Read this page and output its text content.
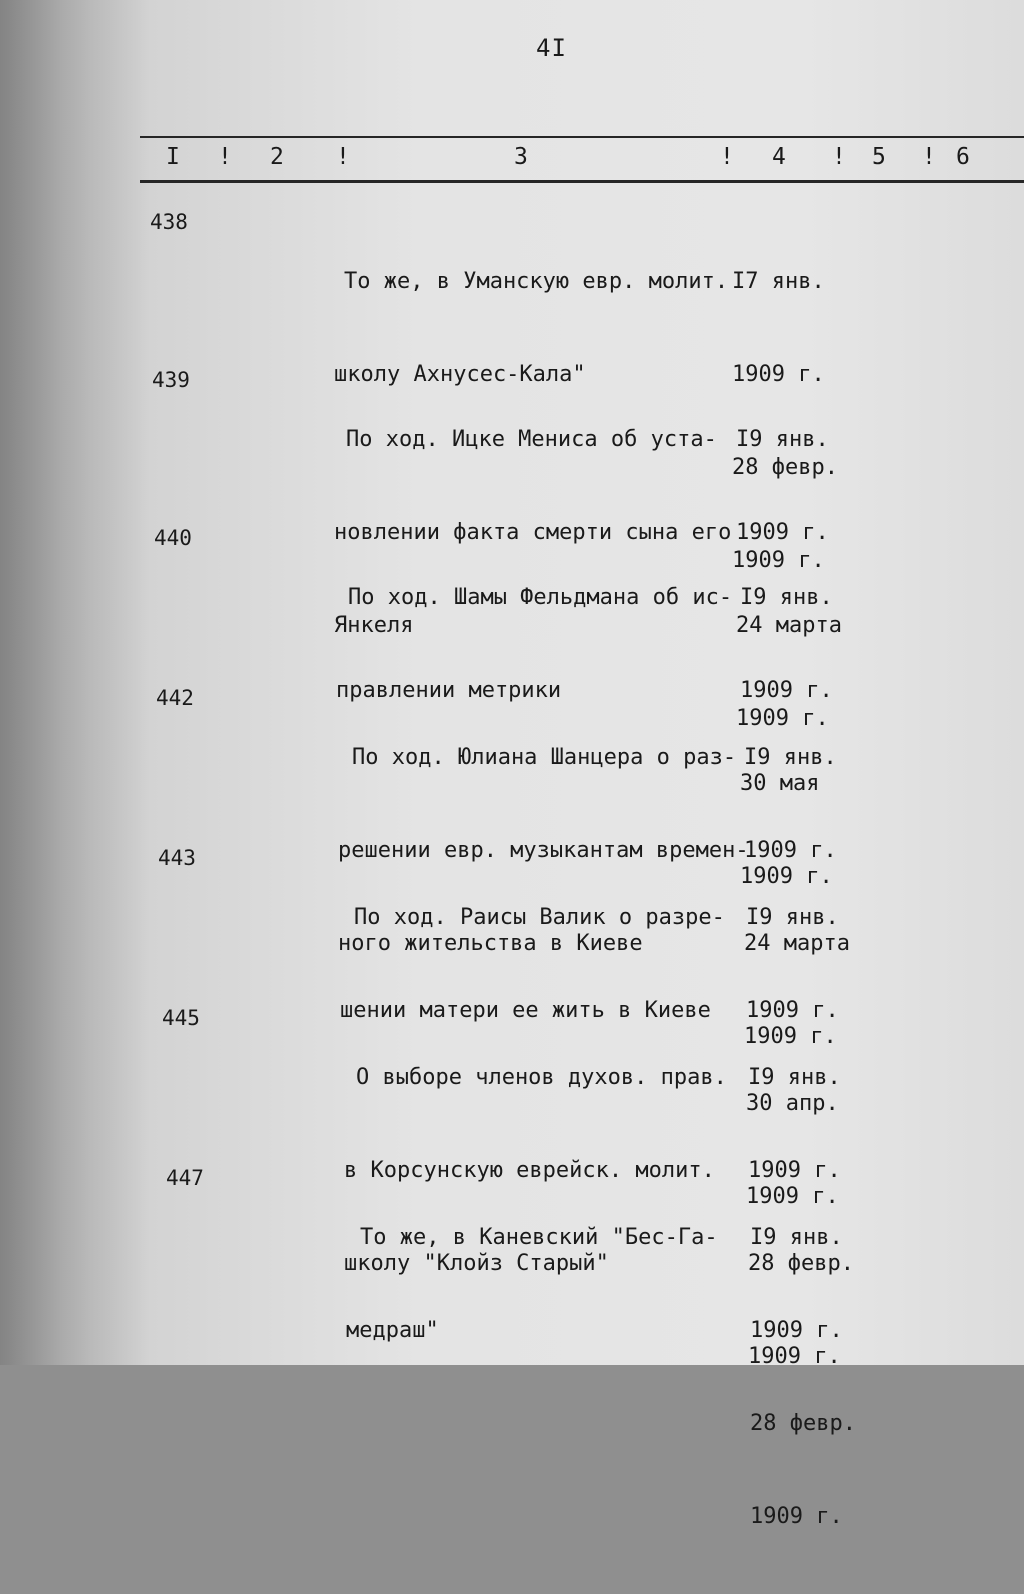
4I
I ! 2 !	3	! 4 ! 5 ! 6
438

То же, в Уманскую евр. молит.

школу Ахнусес-Кала"

I7 янв.

1909 г.

28 февр.

1909 г.

439

По ход. Ицке Мениса об уста-

новлении факта смерти сына его

Янкеля

I9 янв.

1909 г.

24 марта

1909 г.

440

По ход. Шамы Фельдмана об ис-

правлении метрики

I9 янв.

1909 г.

30 мая

1909 г.

442

По ход. Юлиана Шанцера о раз-

решении евр. музыкантам времен-

ного жительства в Киеве

I9 янв.

1909 г.

24 марта

1909 г.

443

По ход. Раисы Валик о разре-

шении матери ее жить в Киеве

I9 янв.

1909 г.

30 апр.

1909 г.

445

О выборе членов духов. прав.

в Корсунскую еврейск. молит.

школу "Клойз Старый"

I9 янв.

1909 г.

28 февр.

1909 г.

447

То же, в Каневский "Бес-Га-

медраш"

I9 янв.

1909 г.

28 февр.

1909 г.
